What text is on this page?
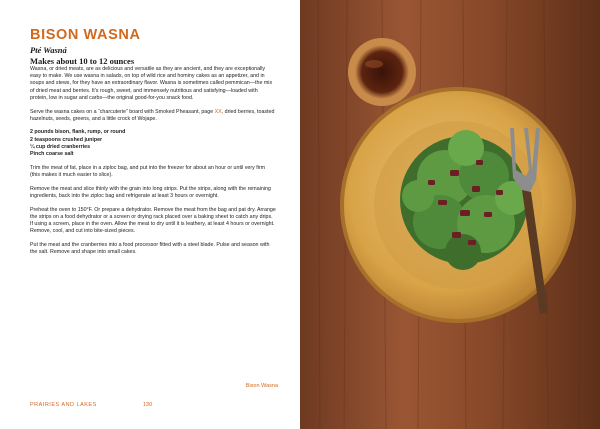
BISON WASNA
Pté Wasná
Makes about 10 to 12 ounces

Wasna, or dried meats, are as delicious and versatile as they are ancient, and they are exceptionally easy to make. We use wasna in salads, on top of wild rice and hominy cakes as an appetizer, and in soups and stews, for they have an extraordinary flavor. Wasna is sometimes called pemmican—the mix of dried meat and berries. It's rough, sweet, and immensely nutritious and satisfying—loaded with protein, low in sugar and carbs—the original good-for-you snack food.

Serve the wasna cakes on a “charcuterie” board with Smoked Pheasant, page XX, dried berries, toasted hazelnuts, seeds, greens, and a little crock of Wojape.

2 pounds bison, flank, rump, or round
2 teaspoons crushed juniper
¼ cup dried cranberries
Pinch coarse salt

Trim the meat of fat, place in a ziploc bag, and put into the freezer for about an hour or until very firm (this makes it much easier to slice).

Remove the meat and slice thinly with the grain into long strips. Put the strips, along with the remaining ingredients, back into the ziploc bag and refrigerate at least 3 hours or overnight.

Preheat the oven to 150°F. Or prepare a dehydrator. Remove the meat from the bag and pat dry. Arrange the strips on a food dehydrator or a screen or drying rack placed over a baking sheet to catch any drips. If using a screen, place in the oven. Allow the meat to dry until it is leathery, at least 4 hours or overnight. Remove, cool, and cut into bite-sized pieces.

Put the meat and the cranberries into a food processor fitted with a steel blade. Pulse and season with the salt. Remove and shape into small cakes.

Bison Wasna
PRAIRIES AND LAKES	130
